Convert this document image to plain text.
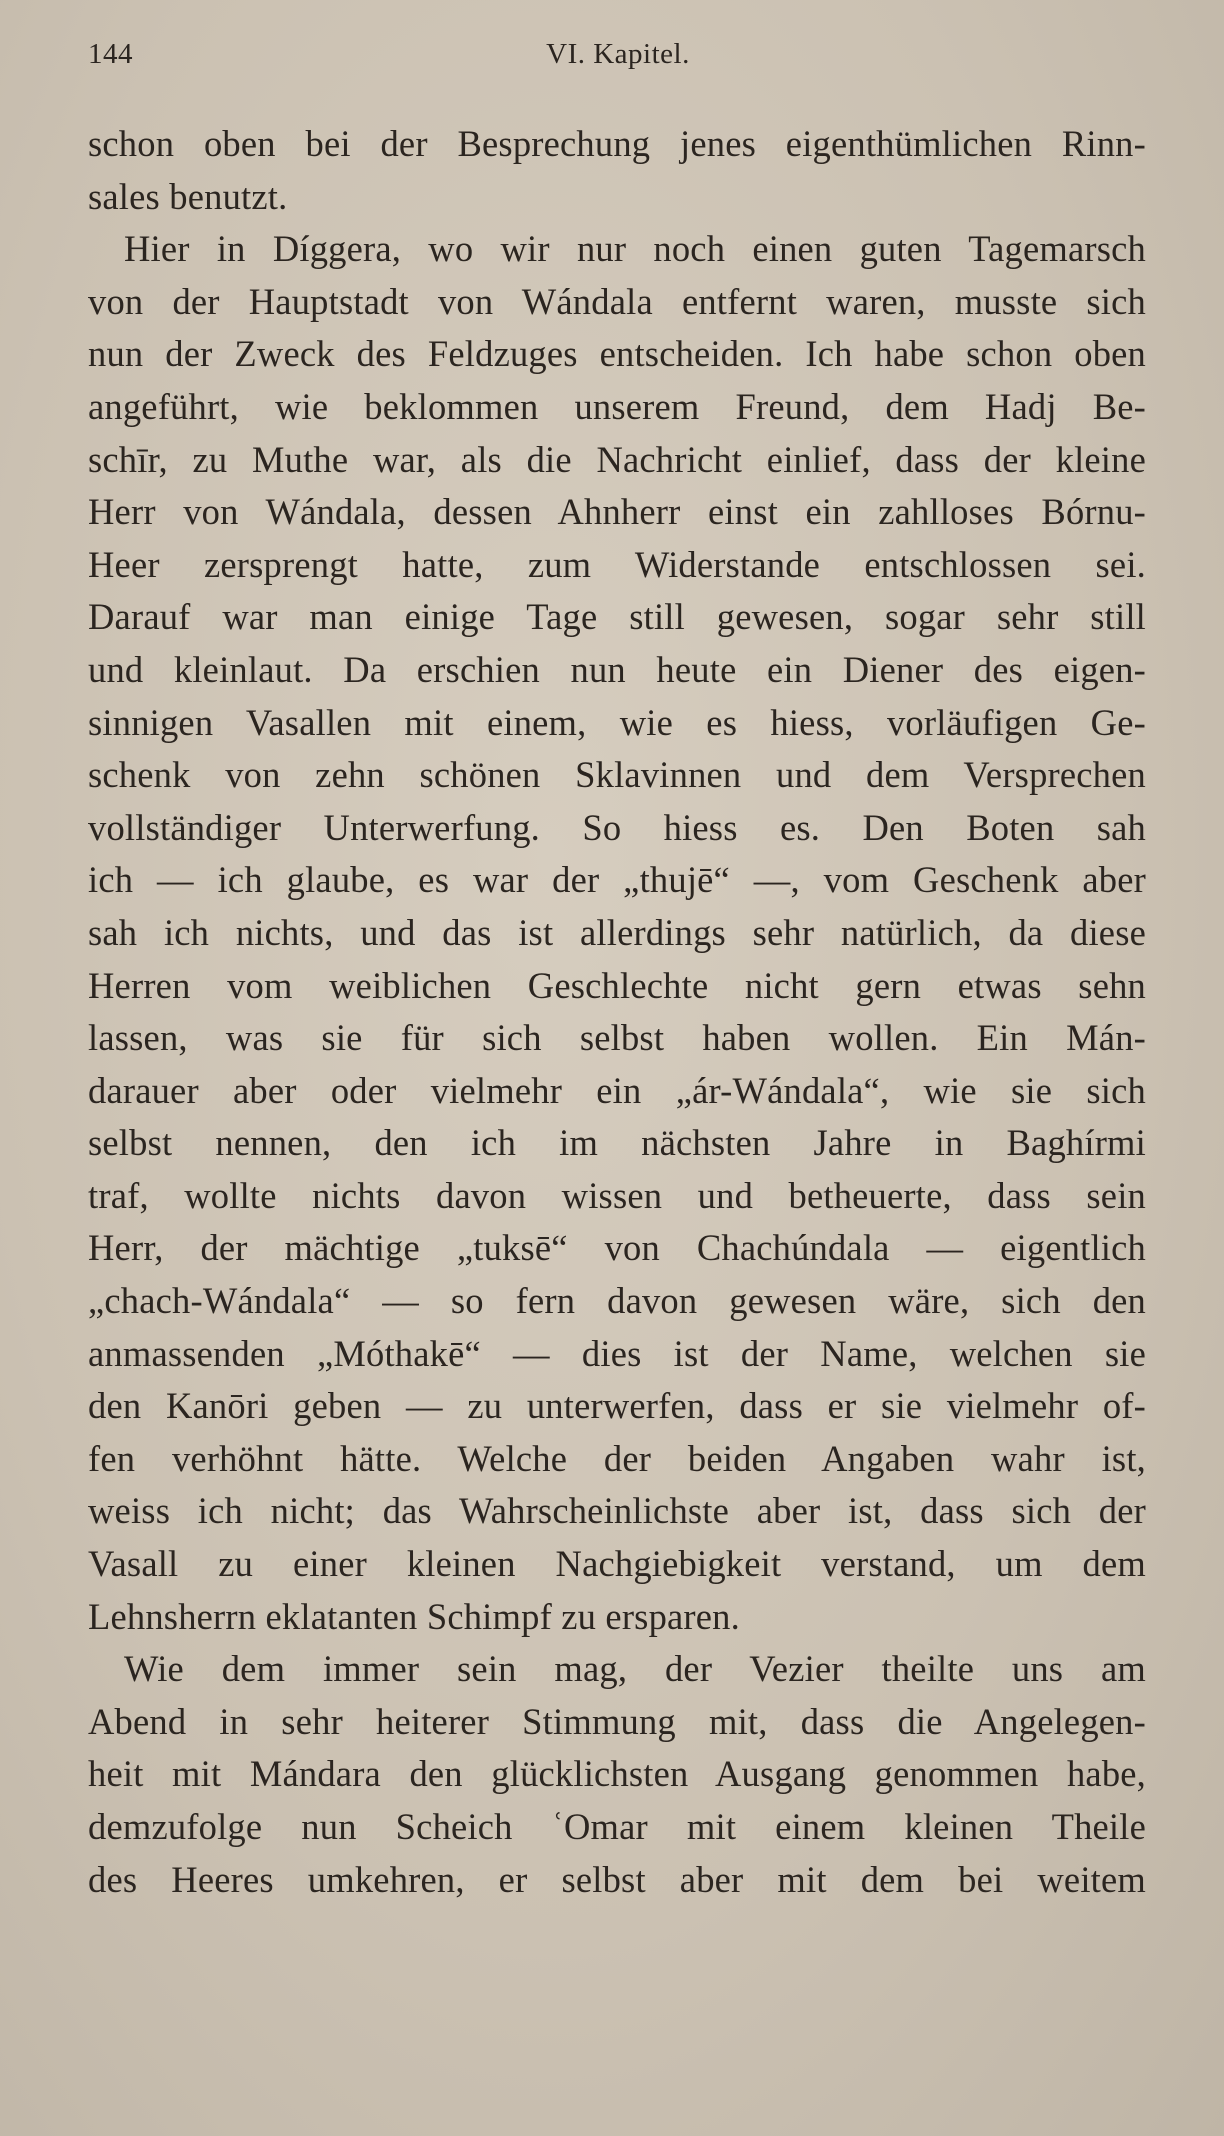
144	VI. Kapitel.
schon oben bei der Besprechung jenes eigenthümlichen Rinn-
sales benutzt.
Hier in Díggera, wo wir nur noch einen guten Tagemarsch
von der Hauptstadt von Wándala entfernt waren, musste sich
nun der Zweck des Feldzuges entscheiden. Ich habe schon oben
angeführt, wie beklommen unserem Freund, dem Hadj Be-
schīr, zu Muthe war, als die Nachricht einlief, dass der kleine
Herr von Wándala, dessen Ahnherr einst ein zahlloses Bórnu-
Heer zersprengt hatte, zum Widerstande entschlossen sei.
Darauf war man einige Tage still gewesen, sogar sehr still
und kleinlaut. Da erschien nun heute ein Diener des eigen-
sinnigen Vasallen mit einem, wie es hiess, vorläufigen Ge-
schenk von zehn schönen Sklavinnen und dem Versprechen
vollständiger Unterwerfung. So hiess es. Den Boten sah
ich — ich glaube, es war der „thujē“ —, vom Geschenk aber
sah ich nichts, und das ist allerdings sehr natürlich, da diese
Herren vom weiblichen Geschlechte nicht gern etwas sehn
lassen, was sie für sich selbst haben wollen. Ein Mán-
darauer aber oder vielmehr ein „ár-Wándala“, wie sie sich
selbst nennen, den ich im nächsten Jahre in Baghírmi
traf, wollte nichts davon wissen und betheuerte, dass sein
Herr, der mächtige „tuksē“ von Chachúndala — eigentlich
„chach-Wándala“ — so fern davon gewesen wäre, sich den
anmassenden „Móthakē“ — dies ist der Name, welchen sie
den Kanōri geben — zu unterwerfen, dass er sie vielmehr of-
fen verhöhnt hätte. Welche der beiden Angaben wahr ist,
weiss ich nicht; das Wahrscheinlichste aber ist, dass sich der
Vasall zu einer kleinen Nachgiebigkeit verstand, um dem
Lehnsherrn eklatanten Schimpf zu ersparen.
Wie dem immer sein mag, der Vezier theilte uns am
Abend in sehr heiterer Stimmung mit, dass die Angelegen-
heit mit Mándara den glücklichsten Ausgang genommen habe,
demzufolge nun Scheich ʿOmar mit einem kleinen Theile
des Heeres umkehren, er selbst aber mit dem bei weitem
